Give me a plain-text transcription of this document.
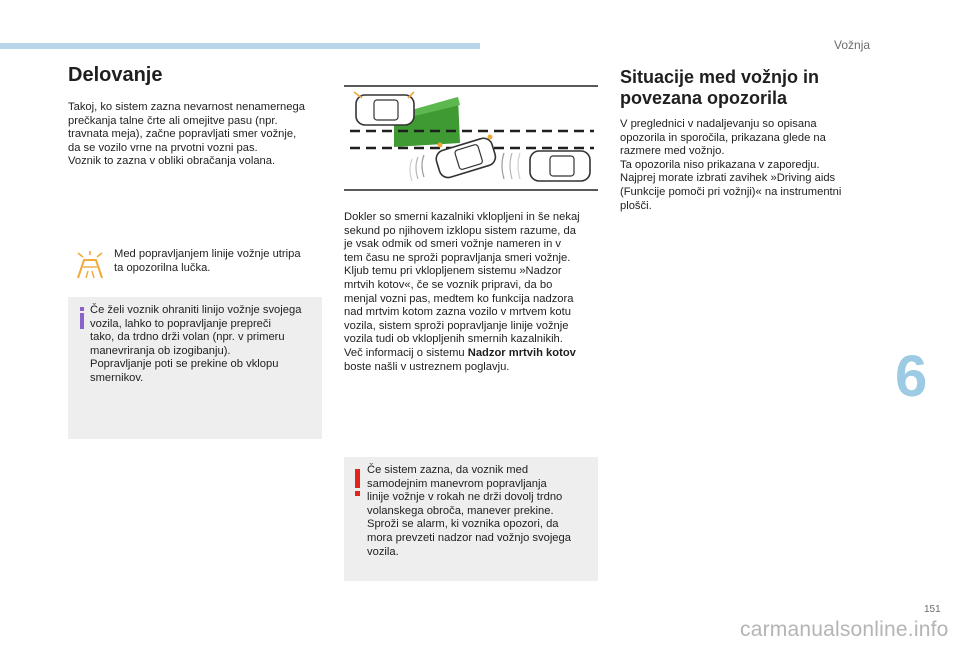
Vožnja
6
Delovanje

Takoj, ko sistem zazna nevarnost nenamernega
prečkanja talne črte ali omejitve pasu (npr.
travnata meja), začne popravljati smer vožnje,
da se vozilo vrne na prvotni vozni pas.
Voznik to zazna v obliki obračanja volana.

Med popravljanjem linije vožnje utripa
ta opozorilna lučka.
Če želi voznik ohraniti linijo vožnje svojega
vozila, lahko to popravljanje prepreči
tako, da trdno drži volan (npr. v primeru
manevriranja ob izogibanju).
Popravljanje poti se prekine ob vklopu
smernikov.

Dokler so smerni kazalniki vklopljeni in še nekaj
sekund po njihovem izklopu sistem razume, da
je vsak odmik od smeri vožnje nameren in v
tem času ne sproži popravljanja smeri vožnje.
Kljub temu pri vklopljenem sistemu »Nadzor
mrtvih kotov«, če se voznik pripravi, da bo
menjal vozni pas, medtem ko funkcija nadzora
nad mrtvim kotom zazna vozilo v mrtvem kotu
vozila, sistem sproži popravljanje linije vožnje
vozila tudi ob vklopljenih smernih kazalnikih.
Več informacij o sistemu Nadzor mrtvih kotov
boste našli v ustreznem poglavju.

Če sistem zazna, da voznik med
samodejnim manevrom popravljanja
linije vožnje v rokah ne drži dovolj trdno
volanskega obroča, manever prekine.
Sproži se alarm, ki voznika opozori, da
mora prevzeti nadzor nad vožnjo svojega
vozila.
Situacije med vožnjo in
povezana opozorila

V preglednici v nadaljevanju so opisana
opozorila in sporočila, prikazana glede na
razmere med vožnjo.
Ta opozorila niso prikazana v zaporedju.
Najprej morate izbrati zavihek »Driving aids
(Funkcije pomoči pri vožnji)« na instrumentni
plošči.

151
carmanualsonline.info
